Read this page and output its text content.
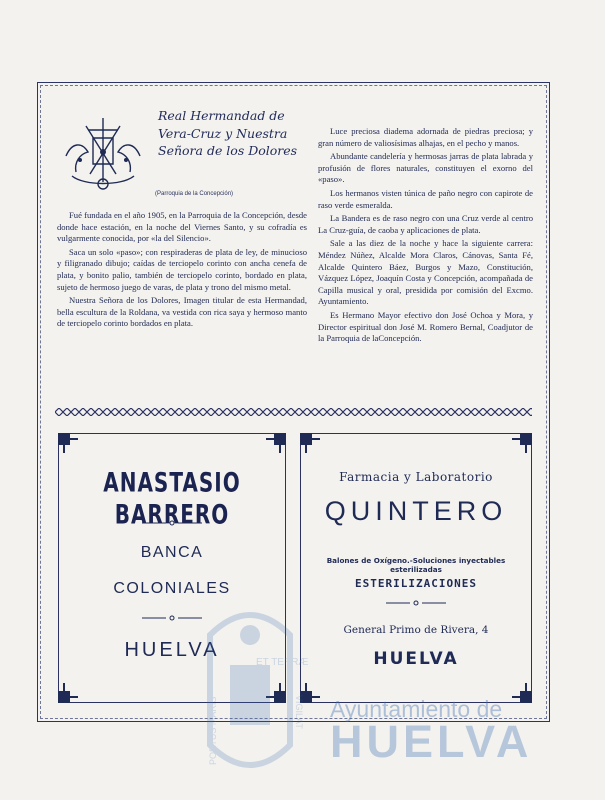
Real Hermandad de Vera-Cruz y Nuestra Señora de los Dolores
(Parroquia de la Concepción)

Fué fundada en el año 1905, en la Parroquia de la Concepción, desde donde hace estación, en la noche del Viernes Santo, y su cofradía es vulgarmente conocida, por «la del Silencio».

Saca un solo «paso»; con respiraderas de plata de ley, de minucioso y filigranado dibujo; caídas de terciopelo corinto con ancha cenefa de plata, y bonito palio, también de terciopelo corinto, bordado en plata, sujeto de hermoso juego de varas, de plata y trono del mismo metal.

Nuestra Señora de los Dolores, Imagen titular de esta Hermandad, bella escultura de la Roldana, va vestida con rica saya y hermoso manto de terciopelo corinto bordados en plata.

Luce preciosa diadema adornada de piedras preciosa; y gran número de valiosísimas alhajas, en el pecho y manos.

Abundante candelería y hermosas jarras de plata labrada y profusión de flores naturales, constituyen el exorno del «paso».

Los hermanos visten túnica de paño negro con capirote de raso verde esmeralda.

La Bandera es de raso negro con una Cruz verde al centro La Cruz-guía, de caoba y aplicaciones de plata.

Sale a las diez de la noche y hace la siguiente carrera: Méndez Núñez, Alcalde Mora Claros, Cánovas, Santa Fé, Alcalde Quintero Báez, Burgos y Mazo, Constitución, Vázquez López, Joaquín Costa y Concepción, acompañada de Capilla musical y oral, presidida por comisión del Excmo. Ayuntamiento.

Es Hermano Mayor efectivo don José Ochoa y Mora, y Director espiritual don José M. Romero Bernal, Coadjutor de la Parroquia de laConcepción.

ANASTASIO BARRERO
BANCA
COLONIALES
HUELVA
Farmacia y Laboratorio
QUINTERO
Balones de Oxígeno.-Soluciones inyectables esterilizadas
ESTERILIZACIONES
General Primo de Rivera, 4
HUELVA
ET TERRÆ
PORTUS MARIS	VIGILAT Ayuntamiento de
HUELVA
